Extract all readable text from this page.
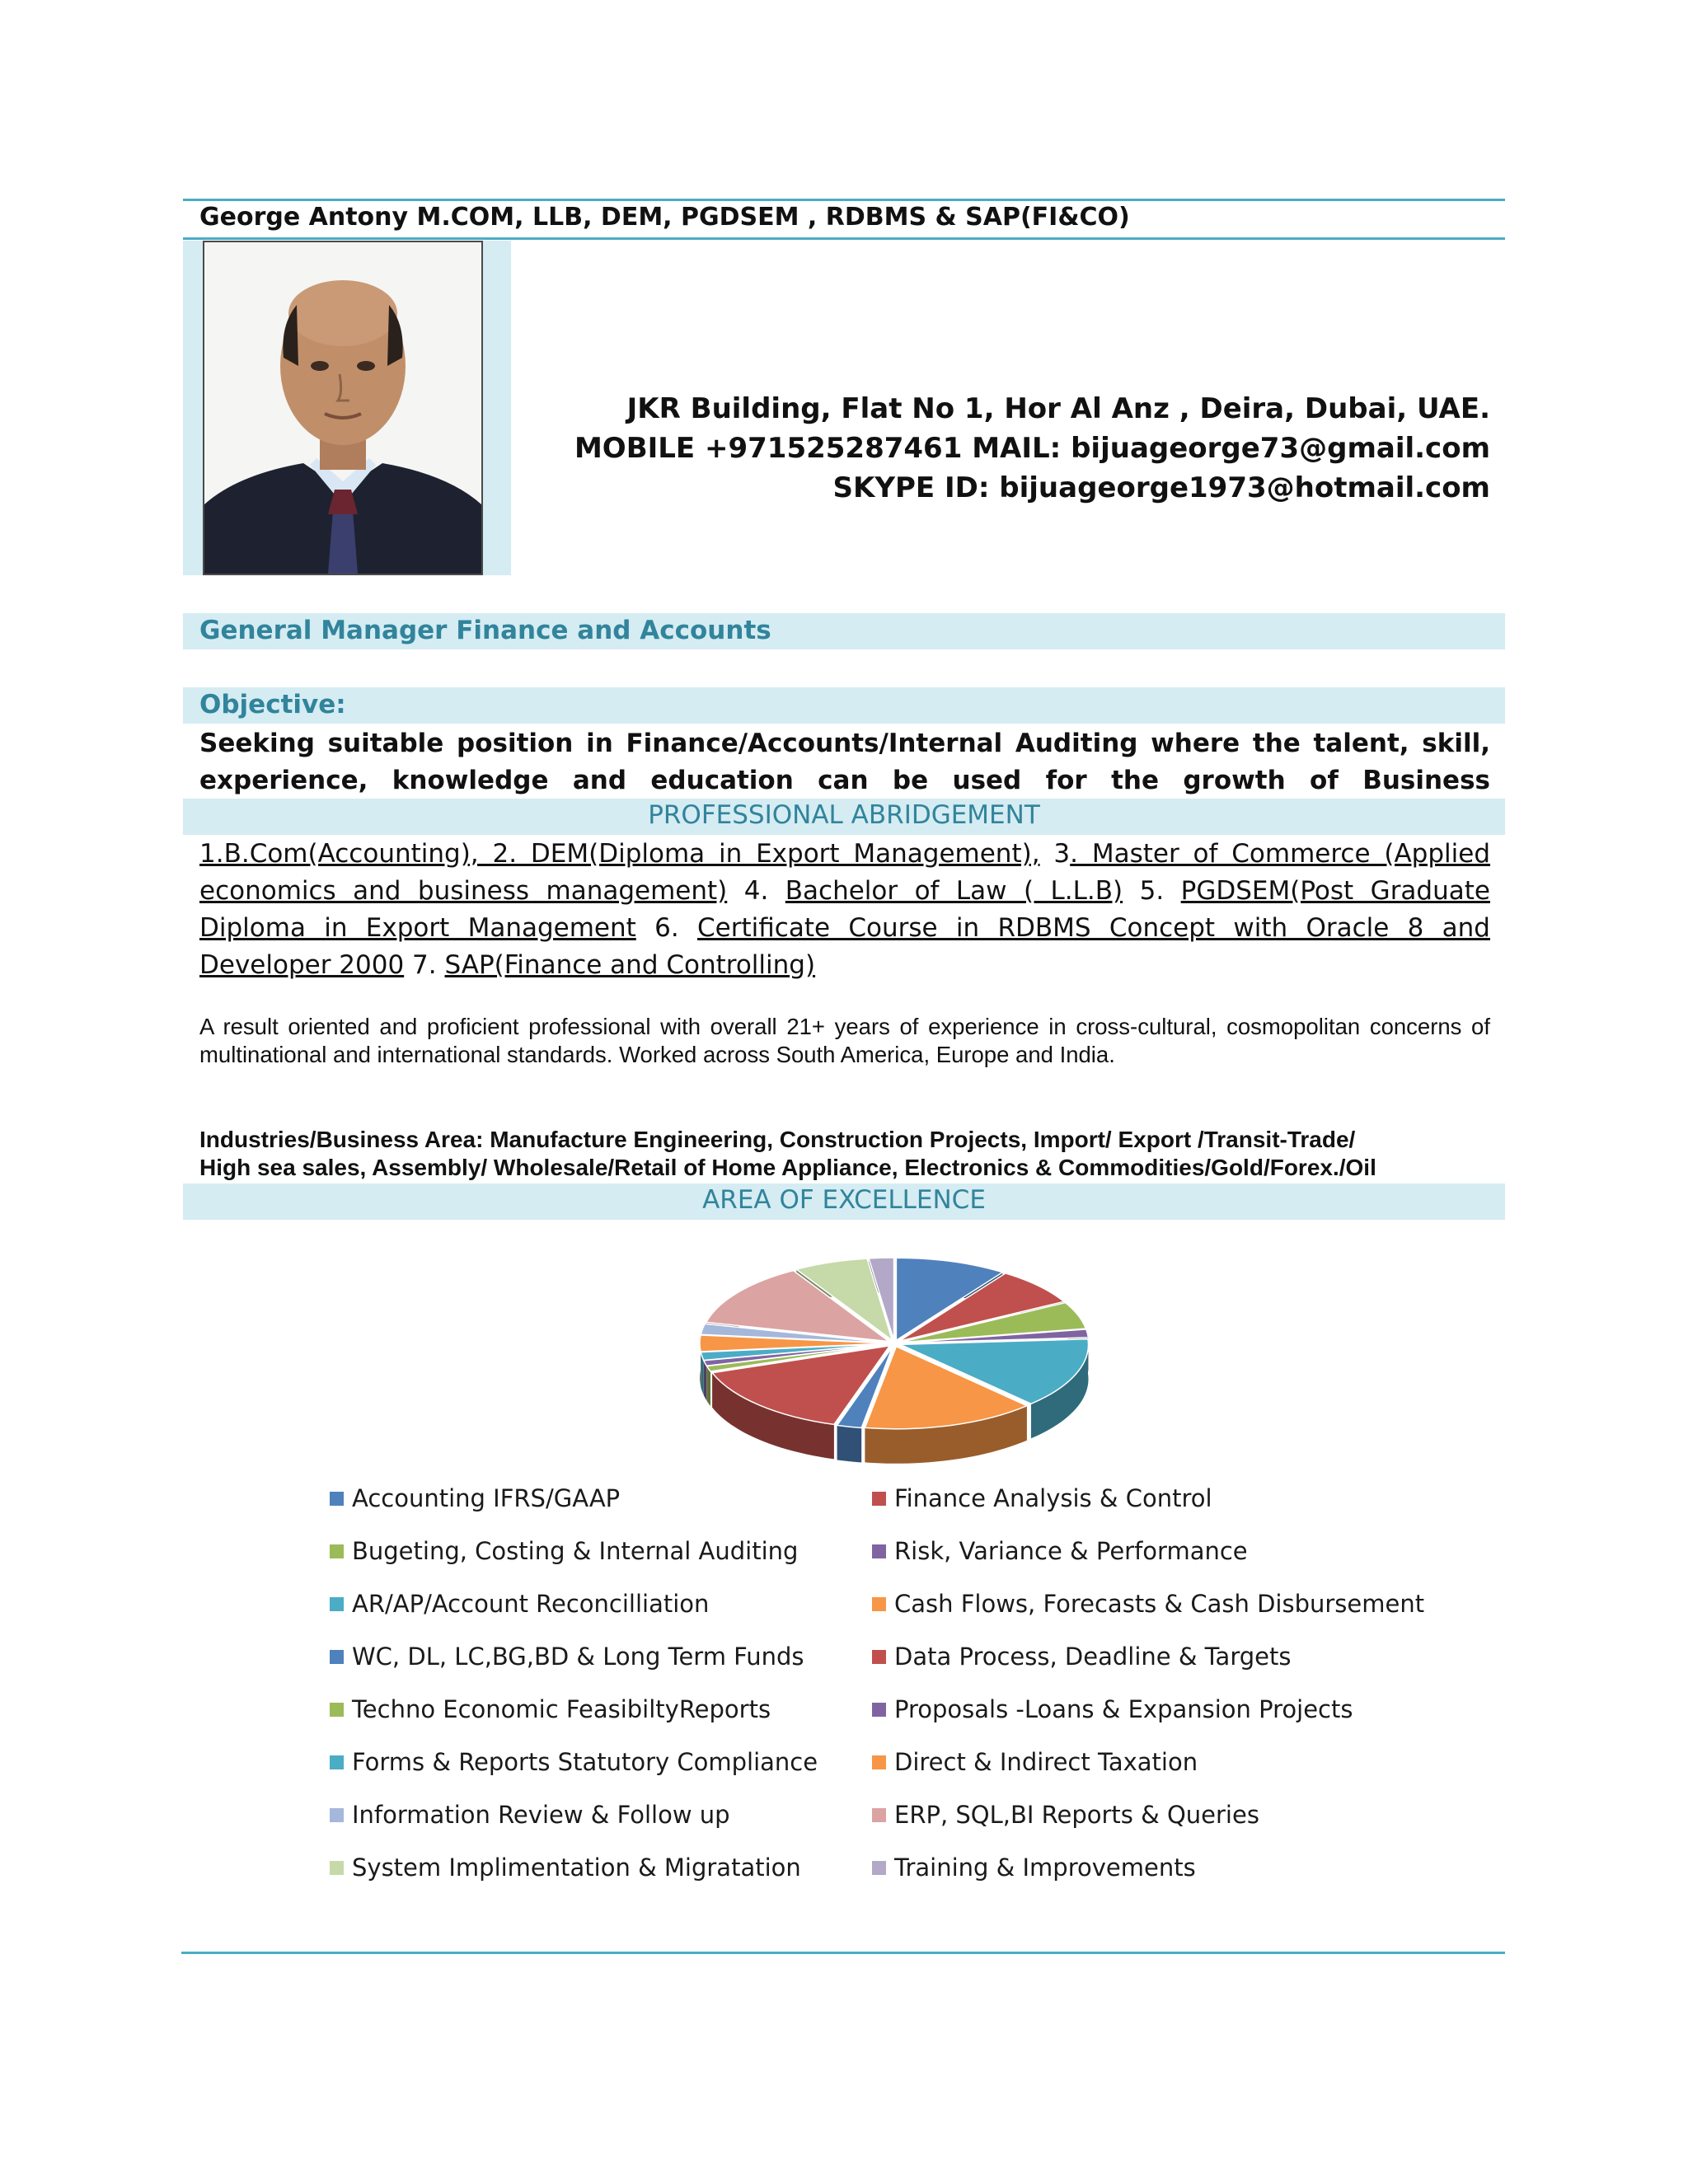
George Antony M.COM, LLB, DEM, PGDSEM , RDBMS & SAP(FI&CO)
JKR Building, Flat No 1, Hor Al Anz , Deira, Dubai, UAE.
MOBILE +971525287461 MAIL: bijuageorge73@gmail.com
SKYPE ID: bijuageorge1973@hotmail.com
General Manager Finance and Accounts
Objective:
Seeking suitable position in Finance/Accounts/Internal Auditing where the talent, skill, experience, knowledge and education can be used for the growth of Business
PROFESSIONAL ABRIDGEMENT
1.B.Com(Accounting), 2. DEM(Diploma in Export Management), 3. Master of Commerce (Applied economics and business management) 4. Bachelor of Law ( L.L.B) 5. PGDSEM(Post Graduate Diploma in Export Management 6. Certificate Course in RDBMS Concept with Oracle 8 and Developer 2000 7. SAP(Finance and Controlling)
A result oriented and proficient professional with overall 21+ years of experience in cross-cultural, cosmopolitan concerns of multinational and international standards. Worked across South America, Europe and India.
Industries/Business Area: Manufacture Engineering, Construction Projects, Import/ Export /Transit-Trade/
High sea sales, Assembly/ Wholesale/Retail of Home Appliance, Electronics & Commodities/Gold/Forex./Oil
AREA OF EXCELLENCE
Accounting IFRS/GAAP	Finance Analysis & Control
Bugeting, Costing & Internal Auditing	Risk, Variance & Performance
AR/AP/Account Reconcilliation	Cash Flows, Forecasts & Cash Disbursement
WC, DL, LC,BG,BD & Long Term Funds	Data Process, Deadline & Targets
Techno Economic FeasibiltyReports	Proposals -Loans & Expansion Projects
Forms & Reports Statutory Compliance	Direct & Indirect Taxation
Information Review & Follow up	ERP, SQL,BI Reports & Queries
System Implimentation & Migratation	Training & Improvements
